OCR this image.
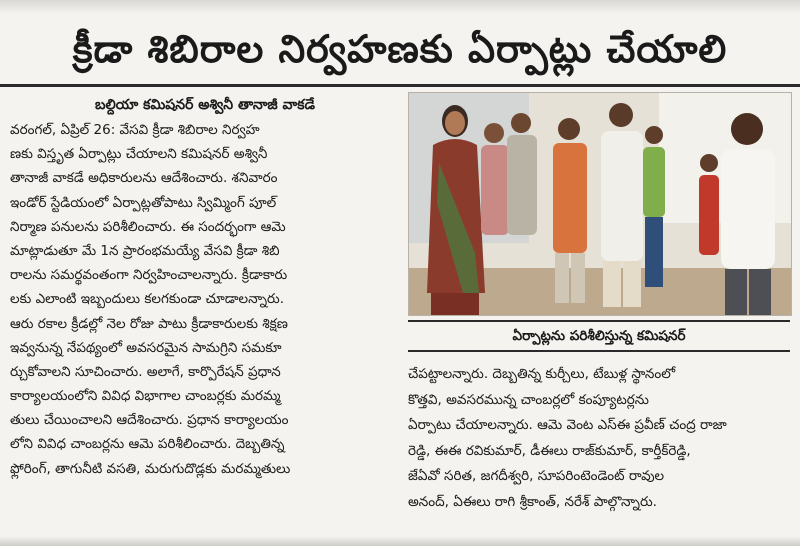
క్రీడా శిబిరాల నిర్వహణకు ఏర్పాట్లు చేయాలి
బల్దియా కమిషనర్ అశ్వినీ తానాజీ వాకడే
వరంగల్, ఏప్రిల్ 26: వేసవి క్రీడా శిబిరాల నిర్వహ
ణకు విస్తృత ఏర్పాట్లు చేయాలని కమిషనర్ అశ్వినీ
తానాజీ వాకడే అధికారులను ఆదేశించారు. శనివారం
ఇండోర్ స్టేడియంలో ఏర్పాట్లతోపాటు స్విమ్మింగ్ పూల్
నిర్మాణ పనులను పరిశీలించారు. ఈ సందర్భంగా ఆమె
మాట్లాడుతూ మే 1న ప్రారంభమయ్యే వేసవి క్రీడా శిబి
రాలను సమర్థవంతంగా నిర్వహించాలన్నారు. క్రీడాకారు
లకు ఎలాంటి ఇబ్బందులు కలగకుండా చూడాలన్నారు.
ఆరు రకాల క్రీడల్లో నెల రోజు పాటు క్రీడాకారులకు శిక్షణ
ఇవ్వనున్న నేపథ్యంలో అవసరమైన సామగ్రిని సమకూ
ర్చుకోవాలని సూచించారు. అలాగే, కార్పొరేషన్ ప్రధాన
కార్యాలయంలోని వివిధ విభాగాల చాంబర్లకు మరమ్మ
తులు చేయించాలని ఆదేశించారు. ప్రధాన కార్యాలయం
లోని వివిధ చాంబర్లను ఆమె పరిశీలించారు. దెబ్బతిన్న
ఫ్లోరింగ్, తాగునీటి వసతి, మరుగుదొడ్లకు మరమ్మతులు
ఏర్పాట్లను పరిశీలిస్తున్న కమిషనర్
చేపట్టాలన్నారు. దెబ్బతిన్న కుర్చీలు, టేబుళ్ల స్థానంలో
కొత్తవి, అవసరమున్న చాంబర్లలో కంప్యూటర్లను
ఏర్పాటు చేయాలన్నారు. ఆమె వెంట ఎస్ఈ ప్రవీణ్ చంద్ర రాజా
రెడ్డి, ఈఈ రవికుమార్, డీఈలు రాజ్‌కుమార్, కార్తీక్‌రెడ్డి,
జేఏవో సరిత, జగదీశ్వరి, సూపరింటెండెంట్ రావుల
అనంద్, ఏఈలు రాగి శ్రీకాంత్, నరేశ్ పాల్గొన్నారు.
